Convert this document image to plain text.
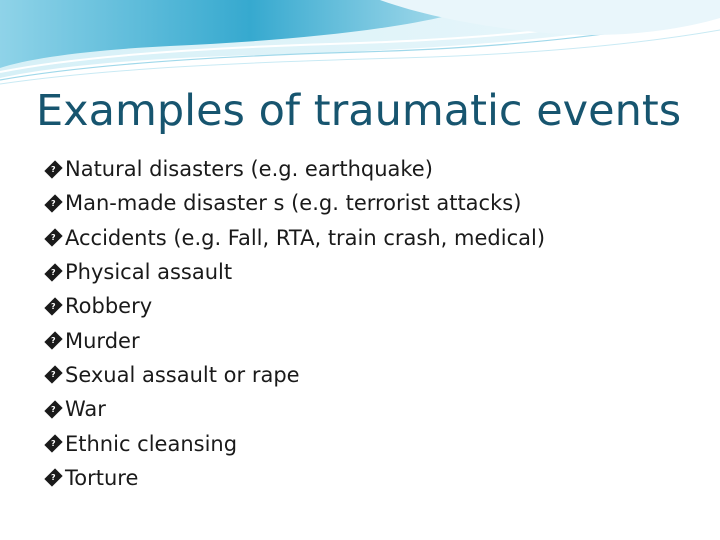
Examples of traumatic events
? Natural disasters (e.g. earthquake)
? Man-made disaster s (e.g. terrorist attacks)
? Accidents (e.g. Fall, RTA, train crash, medical)
? Physical assault
? Robbery
? Murder
? Sexual assault or rape
? War
? Ethnic cleansing
? Torture
